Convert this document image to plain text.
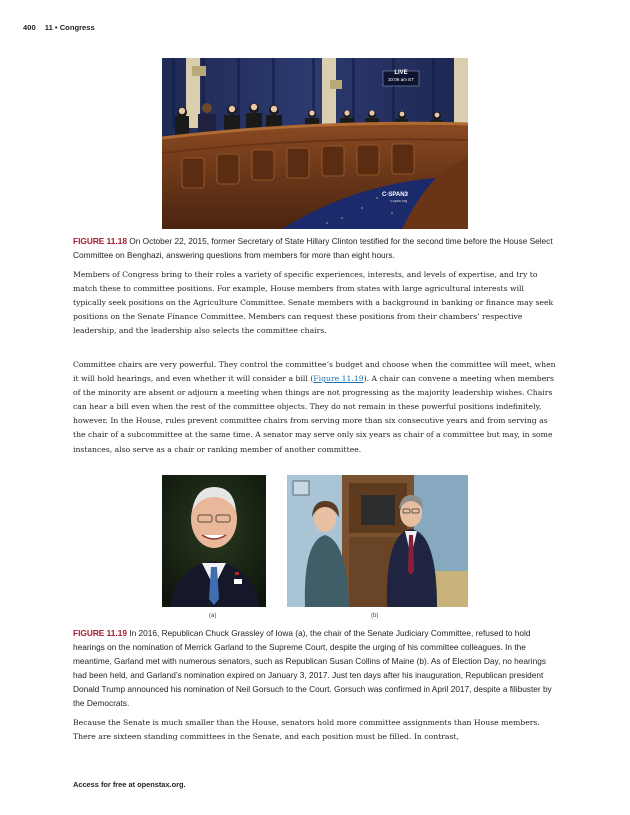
400 11 • Congress
LIVE
10:06 am ET
C-SPAN3
c-span.org
FIGURE 11.18 On October 22, 2015, former Secretary of State Hillary Clinton testified for the second time before the House Select Committee on Benghazi, answering questions from members for more than eight hours.

Members of Congress bring to their roles a variety of specific experiences, interests, and levels of expertise, and try to match these to committee positions. For example, House members from states with large agricultural interests will typically seek positions on the Agriculture Committee. Senate members with a background in banking or finance may seek positions on the Senate Finance Committee. Members can request these positions from their chambers’ respective leadership, and the leadership also selects the committee chairs.

Committee chairs are very powerful. They control the committee’s budget and choose when the committee will meet, when it will hold hearings, and even whether it will consider a bill (Figure 11.19). A chair can convene a meeting when members of the minority are absent or adjourn a meeting when things are not progressing as the majority leadership wishes. Chairs can hear a bill even when the rest of the committee objects. They do not remain in these powerful positions indefinitely, however. In the House, rules prevent committee chairs from serving more than six consecutive years and from serving as the chair of a subcommittee at the same time. A senator may serve only six years as chair of a committee but may, in some instances, also serve as a chair or ranking member of another committee.

(a)	(b)
FIGURE 11.19 In 2016, Republican Chuck Grassley of Iowa (a), the chair of the Senate Judiciary Committee, refused to hold hearings on the nomination of Merrick Garland to the Supreme Court, despite the urging of his committee colleagues. In the meantime, Garland met with numerous senators, such as Republican Susan Collins of Maine (b). As of Election Day, no hearings had been held, and Garland’s nomination expired on January 3, 2017. Just ten days after his inauguration, Republican president Donald Trump announced his nomination of Neil Gorsuch to the Court. Gorsuch was confirmed in April 2017, despite a filibuster by the Democrats.

Because the Senate is much smaller than the House, senators hold more committee assignments than House members. There are sixteen standing committees in the Senate, and each position must be filled. In contrast,

Access for free at openstax.org.
